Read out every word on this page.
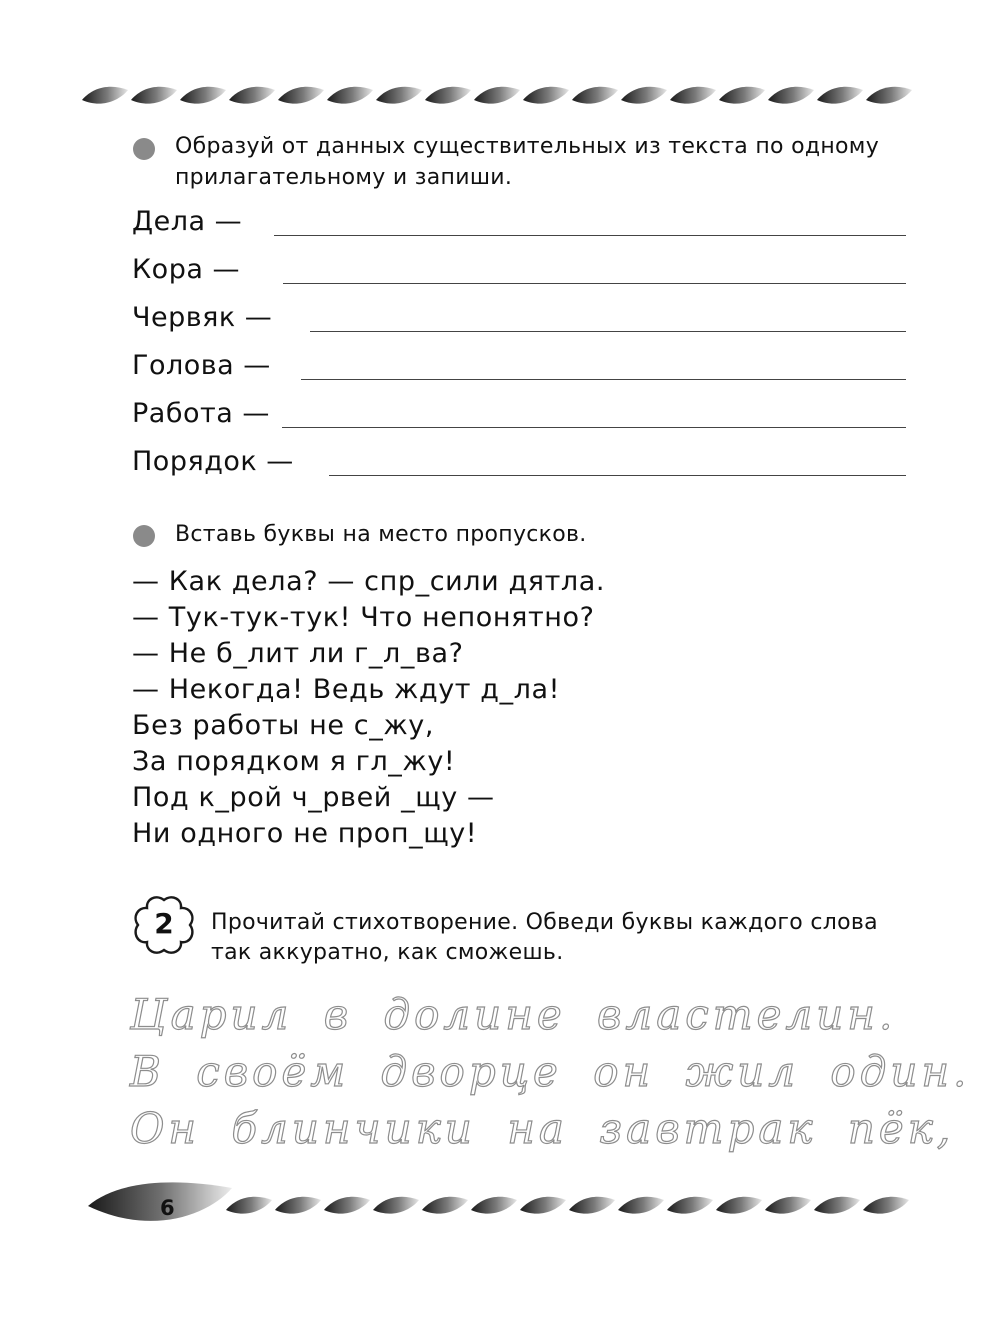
Образуй от данных существительных из текста по одному
прилагательному и запиши.
Дела —
Кора —
Червяк —
Голова —
Работа —
Порядок —
Вставь буквы на место пропусков.
— Как дела? — спр_сили дятла.
— Тук-тук-тук! Что непонятно?
— Не б_лит ли г_л_ва?
— Некогда! Ведь ждут д_ла!
Без работы не с_жу,
За порядком я гл_жу!
Под к_рой ч_рвей _щу —
Ни одного не проп_щу!
2	Прочитай стихотворение. Обведи буквы каждого слова
так аккуратно, как сможешь.
Царил в долине властелин.
В своём дворце он жил один.
Он блинчики на завтрак пёк,
6
